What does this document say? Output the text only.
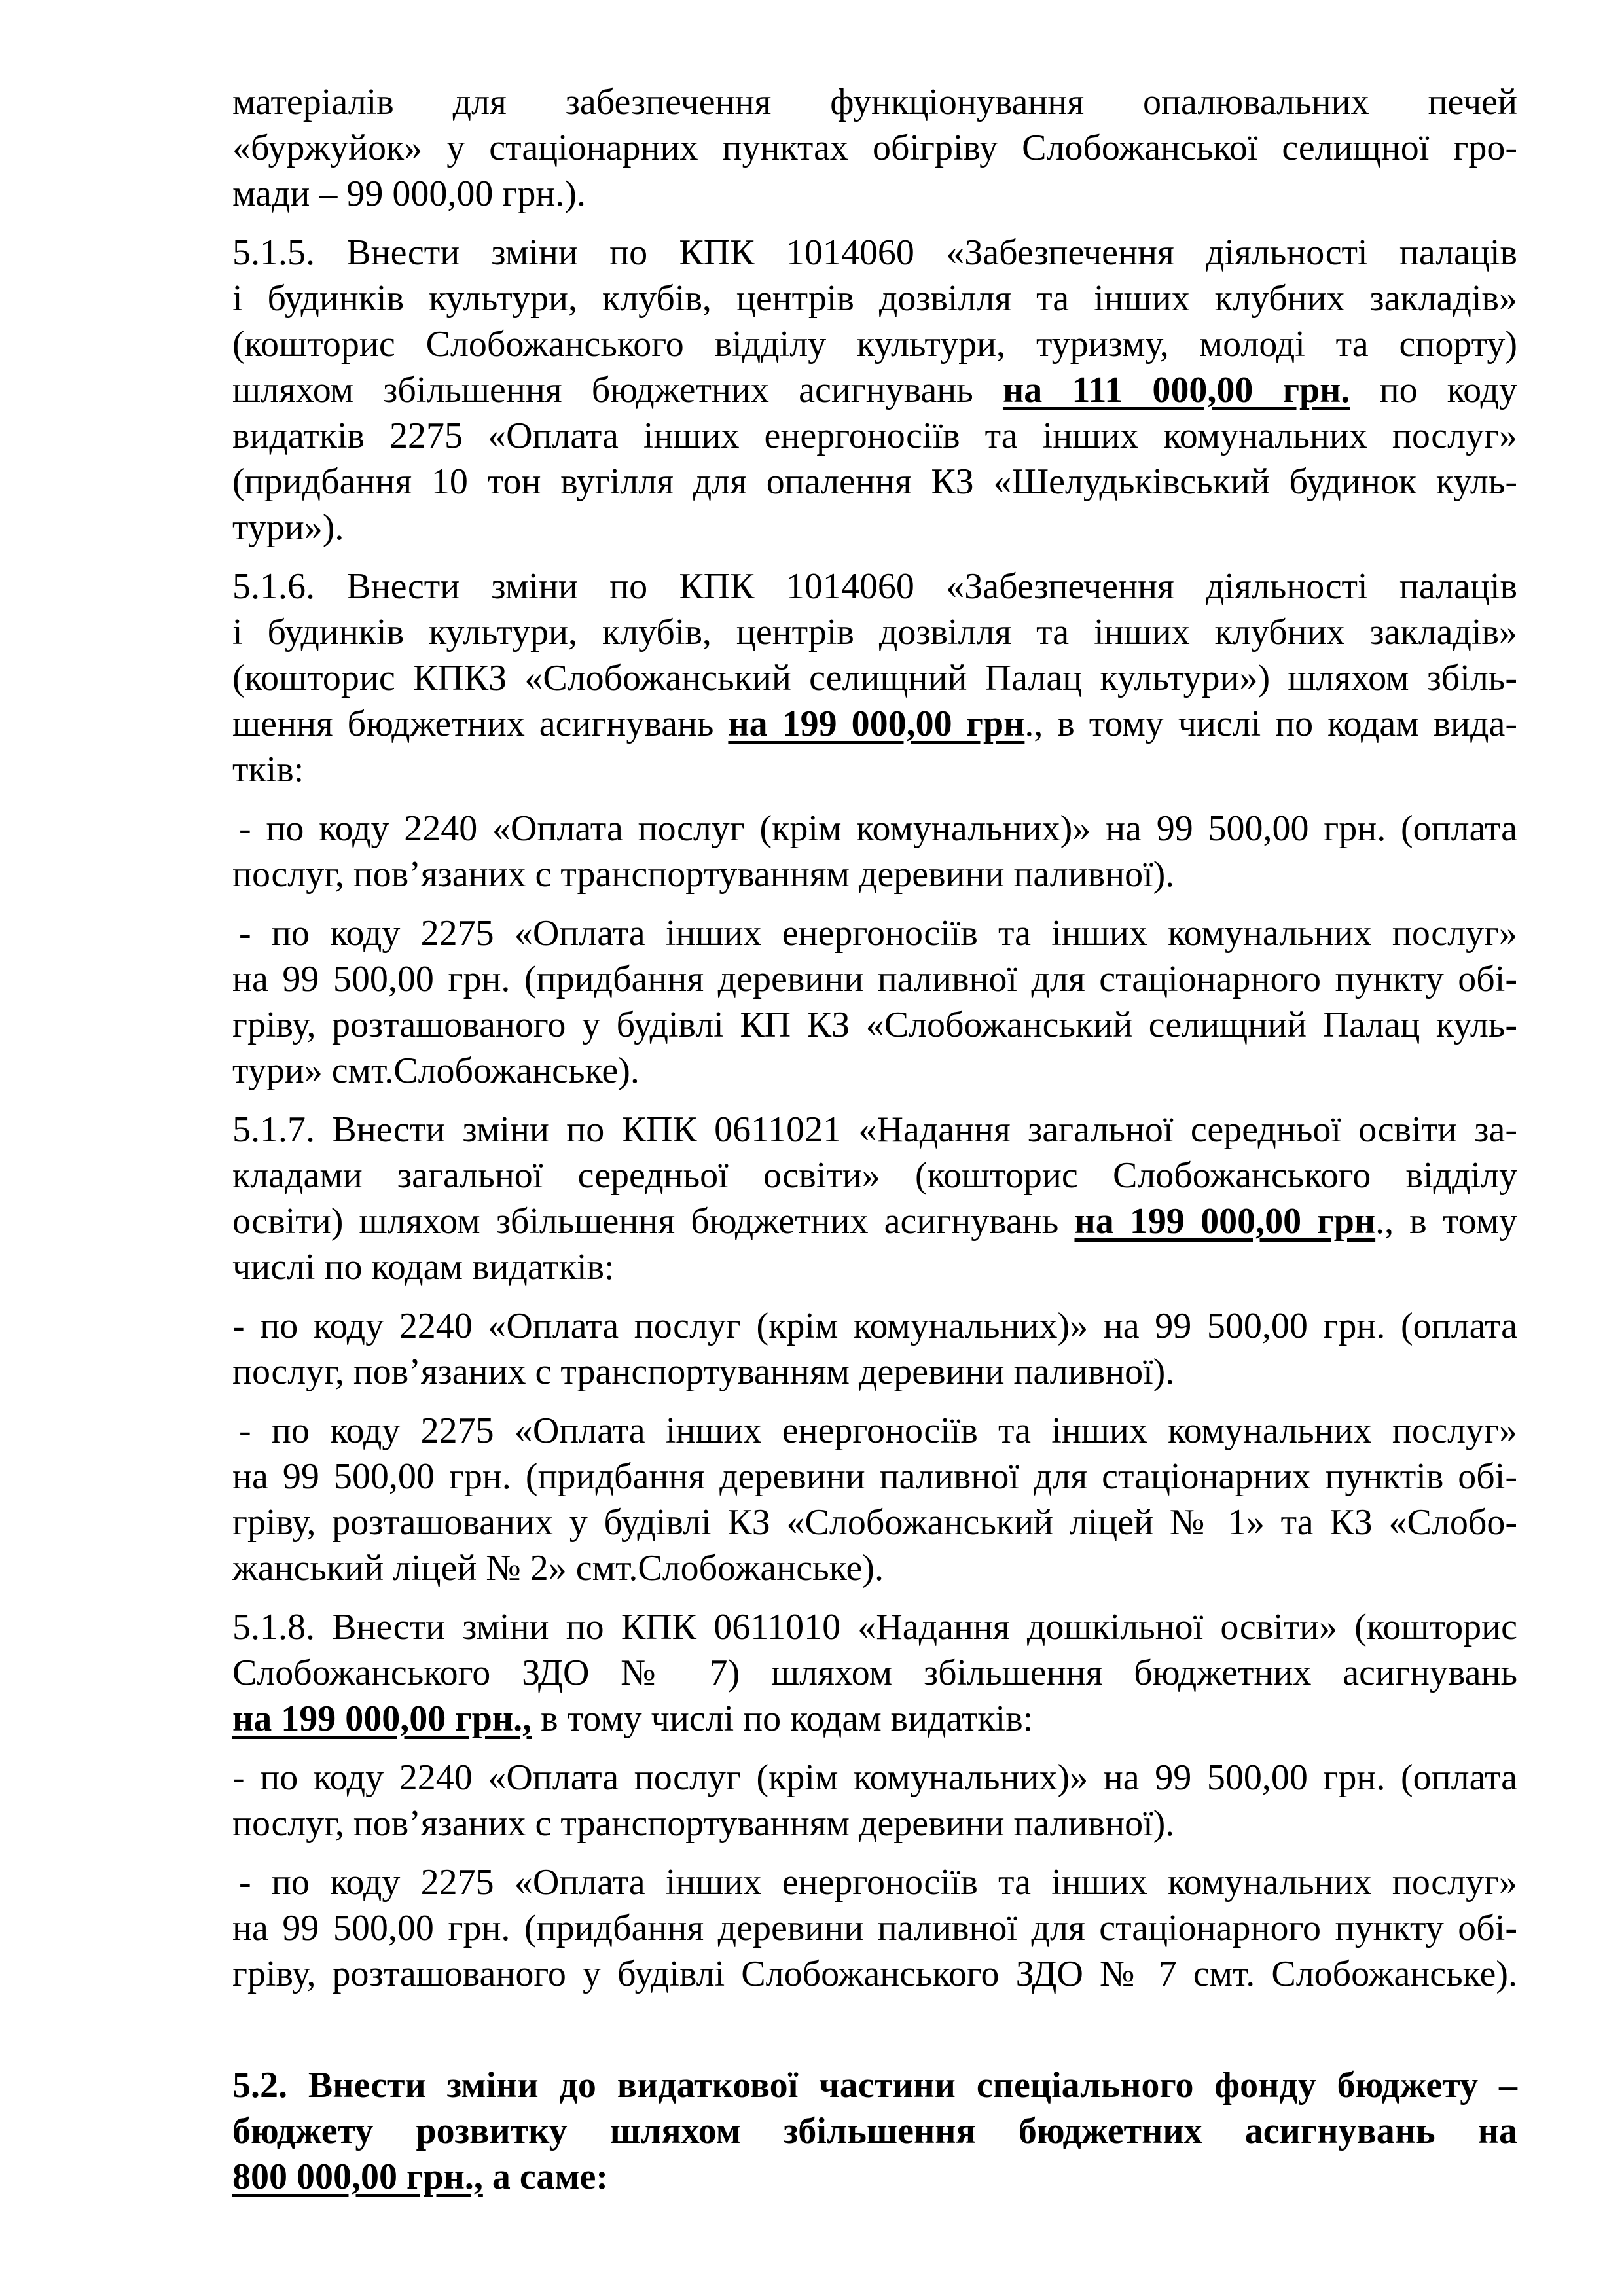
матеріалів для забезпечення функціонування опалювальних печей
«буржуйок» у стаціонарних пунктах обігріву Слобожанської селищної гро-
мади – 99 000,00 грн.).
5.1.5. Внести зміни по КПК 1014060 «Забезпечення діяльності палаців
і будинків культури, клубів, центрів дозвілля та інших клубних закладів»
(кошторис Слобожанського відділу культури, туризму, молоді та спорту)
шляхом збільшення бюджетних асигнувань на 111 000,00 грн. по коду
видатків 2275 «Оплата інших енергоносіїв та інших комунальних послуг»
(придбання 10 тон вугілля для опалення КЗ «Шелудьківський будинок куль-
тури»).
5.1.6. Внести зміни по КПК 1014060 «Забезпечення діяльності палаців
і будинків культури, клубів, центрів дозвілля та інших клубних закладів»
(кошторис КПКЗ «Слобожанський селищний Палац культури») шляхом збіль-
шення бюджетних асигнувань на 199 000,00 грн., в тому числі по кодам вида-
тків:
- по коду 2240 «Оплата послуг (крім комунальних)» на 99 500,00 грн. (оплата
послуг, пов’язаних с транспортуванням деревини паливної).
- по коду 2275 «Оплата інших енергоносіїв та інших комунальних послуг»
на 99 500,00 грн. (придбання деревини паливної для стаціонарного пункту обі-
гріву, розташованого у будівлі КП КЗ «Слобожанський селищний Палац куль-
тури» смт.Слобожанське).
5.1.7. Внести зміни по КПК 0611021 «Надання загальної середньої освіти за-
кладами загальної середньої освіти» (кошторис Слобожанського відділу
освіти) шляхом збільшення бюджетних асигнувань на 199 000,00 грн., в тому
числі по кодам видатків:
- по коду 2240 «Оплата послуг (крім комунальних)» на 99 500,00 грн. (оплата
послуг, пов’язаних с транспортуванням деревини паливної).
- по коду 2275 «Оплата інших енергоносіїв та інших комунальних послуг»
на 99 500,00 грн. (придбання деревини паливної для стаціонарних пунктів обі-
гріву, розташованих у будівлі КЗ «Слобожанський ліцей № 1» та КЗ «Слобо-
жанський ліцей № 2» смт.Слобожанське).
5.1.8. Внести зміни по КПК 0611010 «Надання дошкільної освіти» (кошторис
Слобожанського ЗДО № 7) шляхом збільшення бюджетних асигнувань
на 199 000,00 грн., в тому числі по кодам видатків:
- по коду 2240 «Оплата послуг (крім комунальних)» на 99 500,00 грн. (оплата
послуг, пов’язаних с транспортуванням деревини паливної).
- по коду 2275 «Оплата інших енергоносіїв та інших комунальних послуг»
на 99 500,00 грн. (придбання деревини паливної для стаціонарного пункту обі-
гріву, розташованого у будівлі Слобожанського ЗДО № 7 смт. Слобожанське).
5.2. Внести зміни до видаткової частини спеціального фонду бюджету –
бюджету розвитку шляхом збільшення бюджетних асигнувань на
800 000,00 грн., а саме:
